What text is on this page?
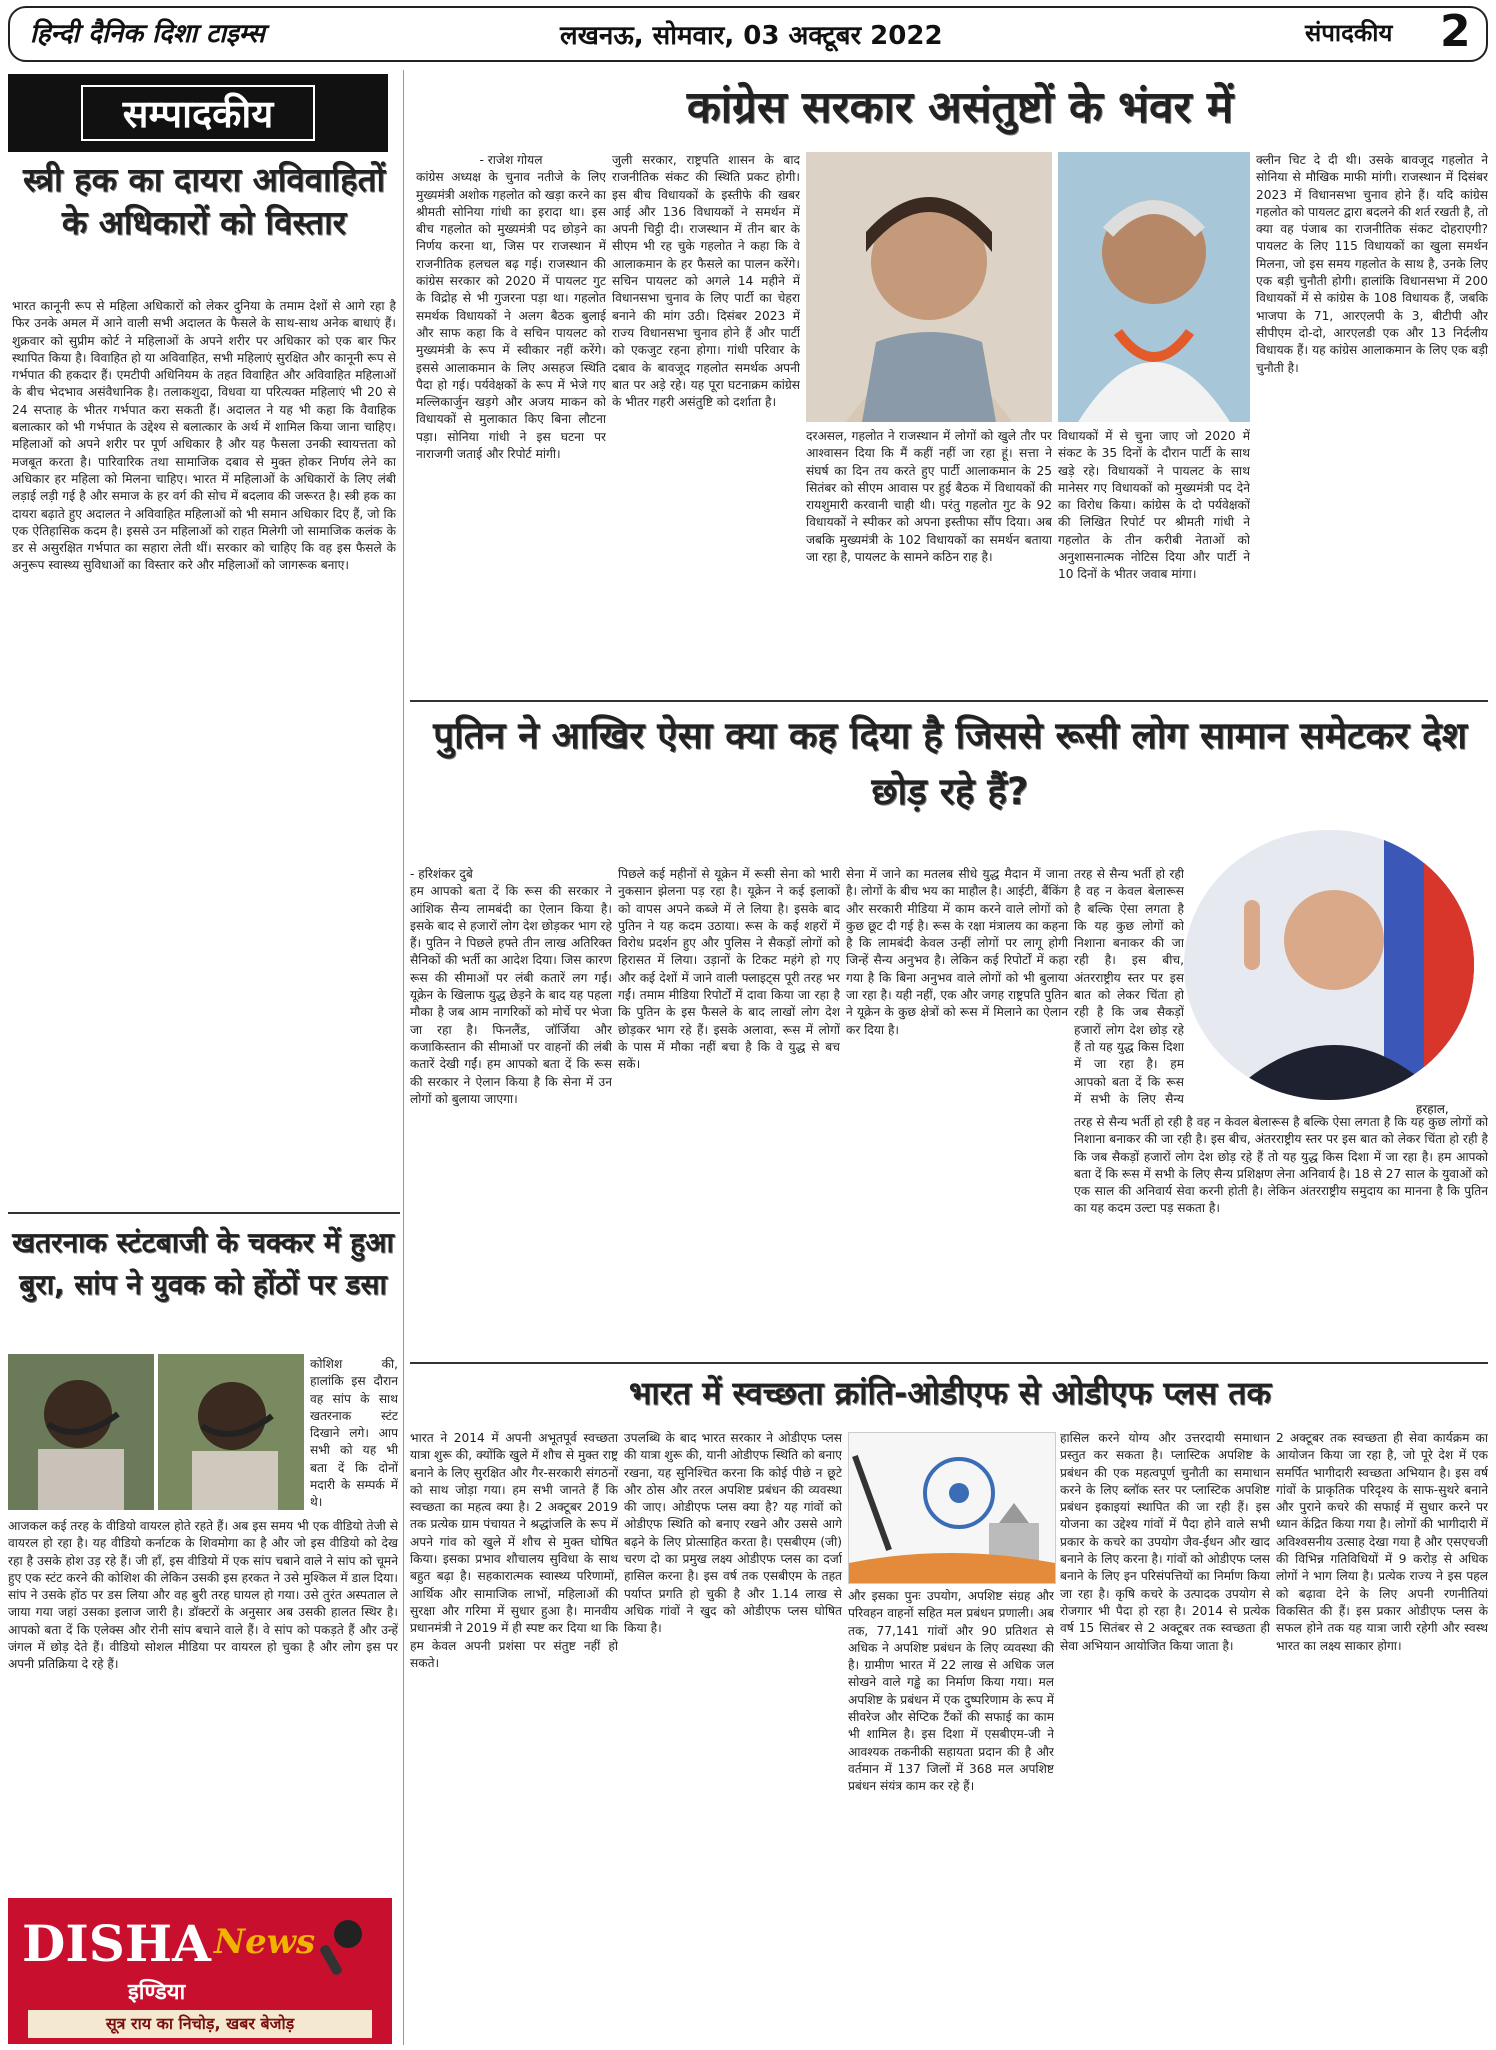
हिन्दी दैनिक दिशा टाइम्स	लखनऊ, सोमवार, 03 अक्टूबर 2022	संपादकीय 2
सम्पादकीय
स्त्री हक का दायरा अविवाहितों के अधिकारों को विस्तार

भारत कानूनी रूप से महिला अधिकारों को लेकर दुनिया के तमाम देशों से आगे रहा है फिर उनके अमल में आने वाली सभी अदालत के फैसले के साथ-साथ अनेक बाधाएं हैं। शुक्रवार को सुप्रीम कोर्ट ने महिलाओं के अपने शरीर पर अधिकार को एक बार फिर स्थापित किया है। विवाहित हो या अविवाहित, सभी महिलाएं सुरक्षित और कानूनी रूप से गर्भपात की हकदार हैं। एमटीपी अधिनियम के तहत विवाहित और अविवाहित महिलाओं के बीच भेदभाव असंवैधानिक है। तलाकशुदा, विधवा या परित्यक्त महिलाएं भी 20 से 24 सप्ताह के भीतर गर्भपात करा सकती हैं। अदालत ने यह भी कहा कि वैवाहिक बलात्कार को भी गर्भपात के उद्देश्य से बलात्कार के अर्थ में शामिल किया जाना चाहिए। महिलाओं को अपने शरीर पर पूर्ण अधिकार है और यह फैसला उनकी स्वायत्तता को मजबूत करता है। पारिवारिक तथा सामाजिक दबाव से मुक्त होकर निर्णय लेने का अधिकार हर महिला को मिलना चाहिए। भारत में महिलाओं के अधिकारों के लिए लंबी लड़ाई लड़ी गई है और समाज के हर वर्ग की सोच में बदलाव की जरूरत है। स्त्री हक का दायरा बढ़ाते हुए अदालत ने अविवाहित महिलाओं को भी समान अधिकार दिए हैं, जो कि एक ऐतिहासिक कदम है। इससे उन महिलाओं को राहत मिलेगी जो सामाजिक कलंक के डर से असुरक्षित गर्भपात का सहारा लेती थीं। सरकार को चाहिए कि वह इस फैसले के अनुरूप स्वास्थ्य सुविधाओं का विस्तार करे और महिलाओं को जागरूक बनाए।

खतरनाक स्टंटबाजी के चक्कर में हुआ बुरा, सांप ने युवक को होंठों पर डसा

कोशिश की, हालांकि इस दौरान वह सांप के साथ खतरनाक स्टंट दिखाने लगे। आप सभी को यह भी बता दें कि दोनों मदारी के सम्पर्क में थे।

आजकल कई तरह के वीडियो वायरल होते रहते हैं। अब इस समय भी एक वीडियो तेजी से वायरल हो रहा है। यह वीडियो कर्नाटक के शिवमोगा का है और जो इस वीडियो को देख रहा है उसके होश उड़ रहे हैं। जी हाँ, इस वीडियो में एक सांप चबाने वाले ने सांप को चूमने हुए एक स्टंट करने की कोशिश की लेकिन उसकी इस हरकत ने उसे मुश्किल में डाल दिया। सांप ने उसके होंठ पर डस लिया और वह बुरी तरह घायल हो गया। उसे तुरंत अस्पताल ले जाया गया जहां उसका इलाज जारी है। डॉक्टरों के अनुसार अब उसकी हालत स्थिर है। आपको बता दें कि एलेक्स और रोनी सांप बचाने वाले हैं। वे सांप को पकड़ते हैं और उन्हें जंगल में छोड़ देते हैं। वीडियो सोशल मीडिया पर वायरल हो चुका है और लोग इस पर अपनी प्रतिक्रिया दे रहे हैं।

DISHA News
इण्डिया
सूत्र राय का निचोड़, खबर बेजोड़
कांग्रेस सरकार असंतुष्टों के भंवर में

- राजेश गोयल

कांग्रेस अध्यक्ष के चुनाव नतीजे के लिए मुख्यमंत्री अशोक गहलोत को खड़ा करने का श्रीमती सोनिया गांधी का इरादा था। इस बीच गहलोत को मुख्यमंत्री पद छोड़ने का निर्णय करना था, जिस पर राजस्थान में राजनीतिक हलचल बढ़ गई। राजस्थान की कांग्रेस सरकार को 2020 में पायलट गुट के विद्रोह से भी गुजरना पड़ा था। गहलोत समर्थक विधायकों ने अलग बैठक बुलाई और साफ कहा कि वे सचिन पायलट को मुख्यमंत्री के रूप में स्वीकार नहीं करेंगे। इससे आलाकमान के लिए असहज स्थिति पैदा हो गई। पर्यवेक्षकों के रूप में भेजे गए मल्लिकार्जुन खड़गे और अजय माकन को विधायकों से मुलाकात किए बिना लौटना पड़ा। सोनिया गांधी ने इस घटना पर नाराजगी जताई और रिपोर्ट मांगी।

जुली सरकार, राष्ट्रपति शासन के बाद राजनीतिक संकट की स्थिति प्रकट होगी। इस बीच विधायकों के इस्तीफे की खबर आई और 136 विधायकों ने समर्थन में अपनी चिट्ठी दी। राजस्थान में तीन बार के सीएम भी रह चुके गहलोत ने कहा कि वे आलाकमान के हर फैसले का पालन करेंगे। सचिन पायलट को अगले 14 महीने में विधानसभा चुनाव के लिए पार्टी का चेहरा बनाने की मांग उठी। दिसंबर 2023 में राज्य विधानसभा चुनाव होने हैं और पार्टी को एकजुट रहना होगा। गांधी परिवार के दबाव के बावजूद गहलोत समर्थक अपनी बात पर अड़े रहे। यह पूरा घटनाक्रम कांग्रेस के भीतर गहरी असंतुष्टि को दर्शाता है।

दरअसल, गहलोत ने राजस्थान में लोगों को खुले तौर पर आश्वासन दिया कि मैं कहीं नहीं जा रहा हूं। सत्ता ने संघर्ष का दिन तय करते हुए पार्टी आलाकमान के 25 सितंबर को सीएम आवास पर हुई बैठक में विधायकों की रायशुमारी करवानी चाही थी। परंतु गहलोत गुट के 92 विधायकों ने स्पीकर को अपना इस्तीफा सौंप दिया। अब जबकि मुख्यमंत्री के 102 विधायकों का समर्थन बताया जा रहा है, पायलट के सामने कठिन राह है।

विधायकों में से चुना जाए जो 2020 में संकट के 35 दिनों के दौरान पार्टी के साथ खड़े रहे। विधायकों ने पायलट के साथ मानेसर गए विधायकों को मुख्यमंत्री पद देने का विरोध किया। कांग्रेस के दो पर्यवेक्षकों की लिखित रिपोर्ट पर श्रीमती गांधी ने गहलोत के तीन करीबी नेताओं को अनुशासनात्मक नोटिस दिया और पार्टी ने 10 दिनों के भीतर जवाब मांगा।

क्लीन चिट दे दी थी। उसके बावजूद गहलोत ने सोनिया से मौखिक माफी मांगी। राजस्थान में दिसंबर 2023 में विधानसभा चुनाव होने हैं। यदि कांग्रेस गहलोत को पायलट द्वारा बदलने की शर्त रखती है, तो क्या वह पंजाब का राजनीतिक संकट दोहराएगी? पायलट के लिए 115 विधायकों का खुला समर्थन मिलना, जो इस समय गहलोत के साथ है, उनके लिए एक बड़ी चुनौती होगी। हालांकि विधानसभा में 200 विधायकों में से कांग्रेस के 108 विधायक हैं, जबकि भाजपा के 71, आरएलपी के 3, बीटीपी और सीपीएम दो-दो, आरएलडी एक और 13 निर्दलीय विधायक हैं। यह कांग्रेस आलाकमान के लिए एक बड़ी चुनौती है।

पुतिन ने आखिर ऐसा क्या कह दिया है जिससे रूसी लोग सामान समेटकर देश छोड़ रहे हैं?

- हरिशंकर दुबे
हम आपको बता दें कि रूस की सरकार ने आंशिक सैन्य लामबंदी का ऐलान किया है। इसके बाद से हजारों लोग देश छोड़कर भाग रहे हैं। पुतिन ने पिछले हफ्ते तीन लाख अतिरिक्त सैनिकों की भर्ती का आदेश दिया। जिस कारण रूस की सीमाओं पर लंबी कतारें लग गईं। यूक्रेन के खिलाफ युद्ध छेड़ने के बाद यह पहला मौका है जब आम नागरिकों को मोर्चे पर भेजा जा रहा है। फिनलैंड, जॉर्जिया और कजाकिस्तान की सीमाओं पर वाहनों की लंबी कतारें देखी गईं। हम आपको बता दें कि रूस की सरकार ने ऐलान किया है कि सेना में उन लोगों को बुलाया जाएगा।

पिछले कई महीनों से यूक्रेन में रूसी सेना को भारी नुकसान झेलना पड़ रहा है। यूक्रेन ने कई इलाकों को वापस अपने कब्जे में ले लिया है। इसके बाद पुतिन ने यह कदम उठाया। रूस के कई शहरों में विरोध प्रदर्शन हुए और पुलिस ने सैकड़ों लोगों को हिरासत में लिया। उड़ानों के टिकट महंगे हो गए और कई देशों में जाने वाली फ्लाइट्स पूरी तरह भर गईं। तमाम मीडिया रिपोर्टों में दावा किया जा रहा है कि पुतिन के इस फैसले के बाद लाखों लोग देश छोड़कर भाग रहे हैं। इसके अलावा, रूस में लोगों के पास में मौका नहीं बचा है कि वे युद्ध से बच सकें।

सेना में जाने का मतलब सीधे युद्ध मैदान में जाना है। लोगों के बीच भय का माहौल है। आईटी, बैंकिंग और सरकारी मीडिया में काम करने वाले लोगों को कुछ छूट दी गई है। रूस के रक्षा मंत्रालय का कहना है कि लामबंदी केवल उन्हीं लोगों पर लागू होगी जिन्हें सैन्य अनुभव है। लेकिन कई रिपोर्टों में कहा गया है कि बिना अनुभव वाले लोगों को भी बुलाया जा रहा है। यही नहीं, एक और जगह राष्ट्रपति पुतिन ने यूक्रेन के कुछ क्षेत्रों को रूस में मिलाने का ऐलान कर दिया है।

तरह से सैन्य भर्ती हो रही है वह न केवल बेलारूस है बल्कि ऐसा लगता है कि यह कुछ लोगों को निशाना बनाकर की जा रही है। इस बीच, अंतरराष्ट्रीय स्तर पर इस बात को लेकर चिंता हो रही है कि जब सैकड़ों हजारों लोग देश छोड़ रहे हैं तो यह युद्ध किस दिशा में जा रहा है। हम आपको बता दें कि रूस में सभी के लिए सैन्य

हरहाल,

तरह से सैन्य भर्ती हो रही है वह न केवल बेलारूस है बल्कि ऐसा लगता है कि यह कुछ लोगों को निशाना बनाकर की जा रही है। इस बीच, अंतरराष्ट्रीय स्तर पर इस बात को लेकर चिंता हो रही है कि जब सैकड़ों हजारों लोग देश छोड़ रहे हैं तो यह युद्ध किस दिशा में जा रहा है। हम आपको बता दें कि रूस में सभी के लिए सैन्य प्रशिक्षण लेना अनिवार्य है। 18 से 27 साल के युवाओं को एक साल की अनिवार्य सेवा करनी होती है। लेकिन अंतरराष्ट्रीय समुदाय का मानना है कि पुतिन का यह कदम उल्टा पड़ सकता है।

भारत में स्वच्छता क्रांति-ओडीएफ से ओडीएफ प्लस तक

भारत ने 2014 में अपनी अभूतपूर्व स्वच्छता यात्रा शुरू की, क्योंकि खुले में शौच से मुक्त राष्ट्र बनाने के लिए सुरक्षित और गैर-सरकारी संगठनों को साथ जोड़ा गया। हम सभी जानते हैं कि स्वच्छता का महत्व क्या है। 2 अक्टूबर 2019 तक प्रत्येक ग्राम पंचायत ने श्रद्धांजलि के रूप में अपने गांव को खुले में शौच से मुक्त घोषित किया। इसका प्रभाव शौचालय सुविधा के साथ बहुत बढ़ा है। सहकारात्मक स्वास्थ्य परिणामों, आर्थिक और सामाजिक लाभों, महिलाओं की सुरक्षा और गरिमा में सुधार हुआ है। मानवीय प्रधानमंत्री ने 2019 में ही स्पष्ट कर दिया था कि हम केवल अपनी प्रशंसा पर संतुष्ट नहीं हो सकते।

उपलब्धि के बाद भारत सरकार ने ओडीएफ प्लस की यात्रा शुरू की, यानी ओडीएफ स्थिति को बनाए रखना, यह सुनिश्चित करना कि कोई पीछे न छूटे और ठोस और तरल अपशिष्ट प्रबंधन की व्यवस्था की जाए। ओडीएफ प्लस क्या है? यह गांवों को ओडीएफ स्थिति को बनाए रखने और उससे आगे बढ़ने के लिए प्रोत्साहित करता है। एसबीएम (जी) चरण दो का प्रमुख लक्ष्य ओडीएफ प्लस का दर्जा हासिल करना है। इस वर्ष तक एसबीएम के तहत पर्याप्त प्रगति हो चुकी है और 1.14 लाख से अधिक गांवों ने खुद को ओडीएफ प्लस घोषित किया है।

और इसका पुनः उपयोग, अपशिष्ट संग्रह और परिवहन वाहनों सहित मल प्रबंधन प्रणाली। अब तक, 77,141 गांवों और 90 प्रतिशत से अधिक ने अपशिष्ट प्रबंधन के लिए व्यवस्था की है। ग्रामीण भारत में 22 लाख से अधिक जल सोखने वाले गड्ढे का निर्माण किया गया। मल अपशिष्ट के प्रबंधन में एक दुष्परिणाम के रूप में सीवरेज और सेप्टिक टैंकों की सफाई का काम भी शामिल है। इस दिशा में एसबीएम-जी ने आवश्यक तकनीकी सहायता प्रदान की है और वर्तमान में 137 जिलों में 368 मल अपशिष्ट प्रबंधन संयंत्र काम कर रहे हैं।

हासिल करने योग्य और उत्तरदायी समाधान प्रस्तुत कर सकता है। प्लास्टिक अपशिष्ट के प्रबंधन की एक महत्वपूर्ण चुनौती का समाधान करने के लिए ब्लॉक स्तर पर प्लास्टिक अपशिष्ट प्रबंधन इकाइयां स्थापित की जा रही हैं। इस योजना का उद्देश्य गांवों में पैदा होने वाले सभी प्रकार के कचरे का उपयोग जैव-ईंधन और खाद बनाने के लिए करना है। गांवों को ओडीएफ प्लस बनाने के लिए इन परिसंपत्तियों का निर्माण किया जा रहा है। कृषि कचरे के उत्पादक उपयोग से रोजगार भी पैदा हो रहा है। 2014 से प्रत्येक वर्ष 15 सितंबर से 2 अक्टूबर तक स्वच्छता ही सेवा अभियान आयोजित किया जाता है।

2 अक्टूबर तक स्वच्छता ही सेवा कार्यक्रम का आयोजन किया जा रहा है, जो पूरे देश में एक समर्पित भागीदारी स्वच्छता अभियान है। इस वर्ष गांवों के प्राकृतिक परिदृश्य के साफ-सुथरे बनाने और पुराने कचरे की सफाई में सुधार करने पर ध्यान केंद्रित किया गया है। लोगों की भागीदारी में अविश्वसनीय उत्साह देखा गया है और एसएचजी की विभिन्न गतिविधियों में 9 करोड़ से अधिक लोगों ने भाग लिया है। प्रत्येक राज्य ने इस पहल को बढ़ावा देने के लिए अपनी रणनीतियां विकसित की हैं। इस प्रकार ओडीएफ प्लस के सफल होने तक यह यात्रा जारी रहेगी और स्वस्थ भारत का लक्ष्य साकार होगा।
